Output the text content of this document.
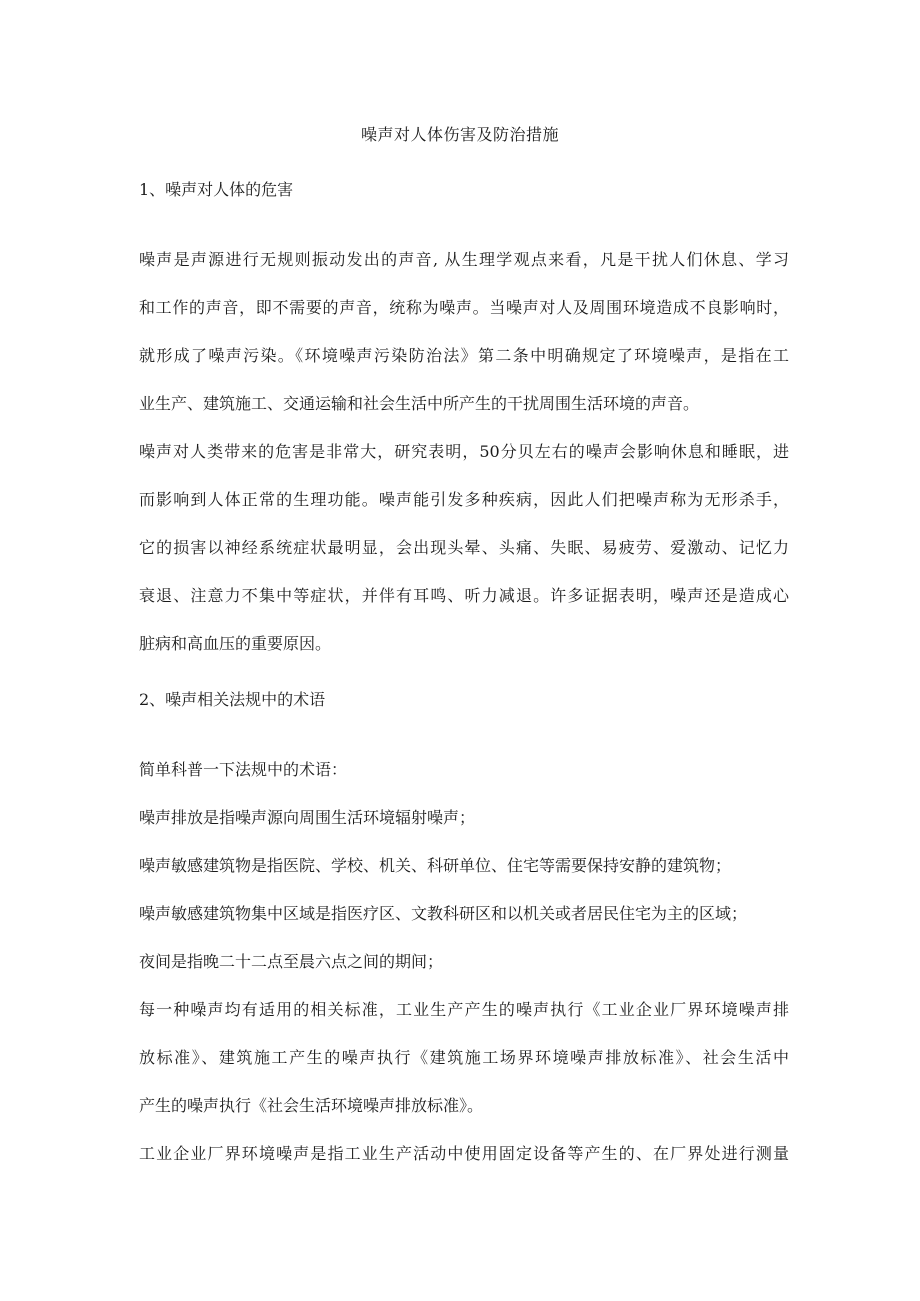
噪声对人体伤害及防治措施
1、噪声对人体的危害
噪声是声源进行无规则振动发出的声音, 从生理学观点来看，凡是干扰人们休息、学习
和工作的声音，即不需要的声音，统称为噪声。当噪声对人及周围环境造成不良影响时，
就形成了噪声污染。《环境噪声污染防治法》第二条中明确规定了环境噪声，是指在工
业生产、建筑施工、交通运输和社会生活中所产生的干扰周围生活环境的声音。
噪声对人类带来的危害是非常大，研究表明，50分贝左右的噪声会影响休息和睡眠，进
而影响到人体正常的生理功能。噪声能引发多种疾病，因此人们把噪声称为无形杀手，
它的损害以神经系统症状最明显，会出现头晕、头痛、失眠、易疲劳、爱激动、记忆力
衰退、注意力不集中等症状，并伴有耳鸣、听力减退。许多证据表明，噪声还是造成心
脏病和高血压的重要原因。
2、噪声相关法规中的术语
简单科普一下法规中的术语：
噪声排放是指噪声源向周围生活环境辐射噪声；
噪声敏感建筑物是指医院、学校、机关、科研单位、住宅等需要保持安静的建筑物；
噪声敏感建筑物集中区域是指医疗区、文教科研区和以机关或者居民住宅为主的区域；
夜间是指晚二十二点至晨六点之间的期间；
每一种噪声均有适用的相关标准，工业生产产生的噪声执行《工业企业厂界环境噪声排
放标准》、建筑施工产生的噪声执行《建筑施工场界环境噪声排放标准》、社会生活中
产生的噪声执行《社会生活环境噪声排放标准》。
工业企业厂界环境噪声是指工业生产活动中使用固定设备等产生的、在厂界处进行测量
